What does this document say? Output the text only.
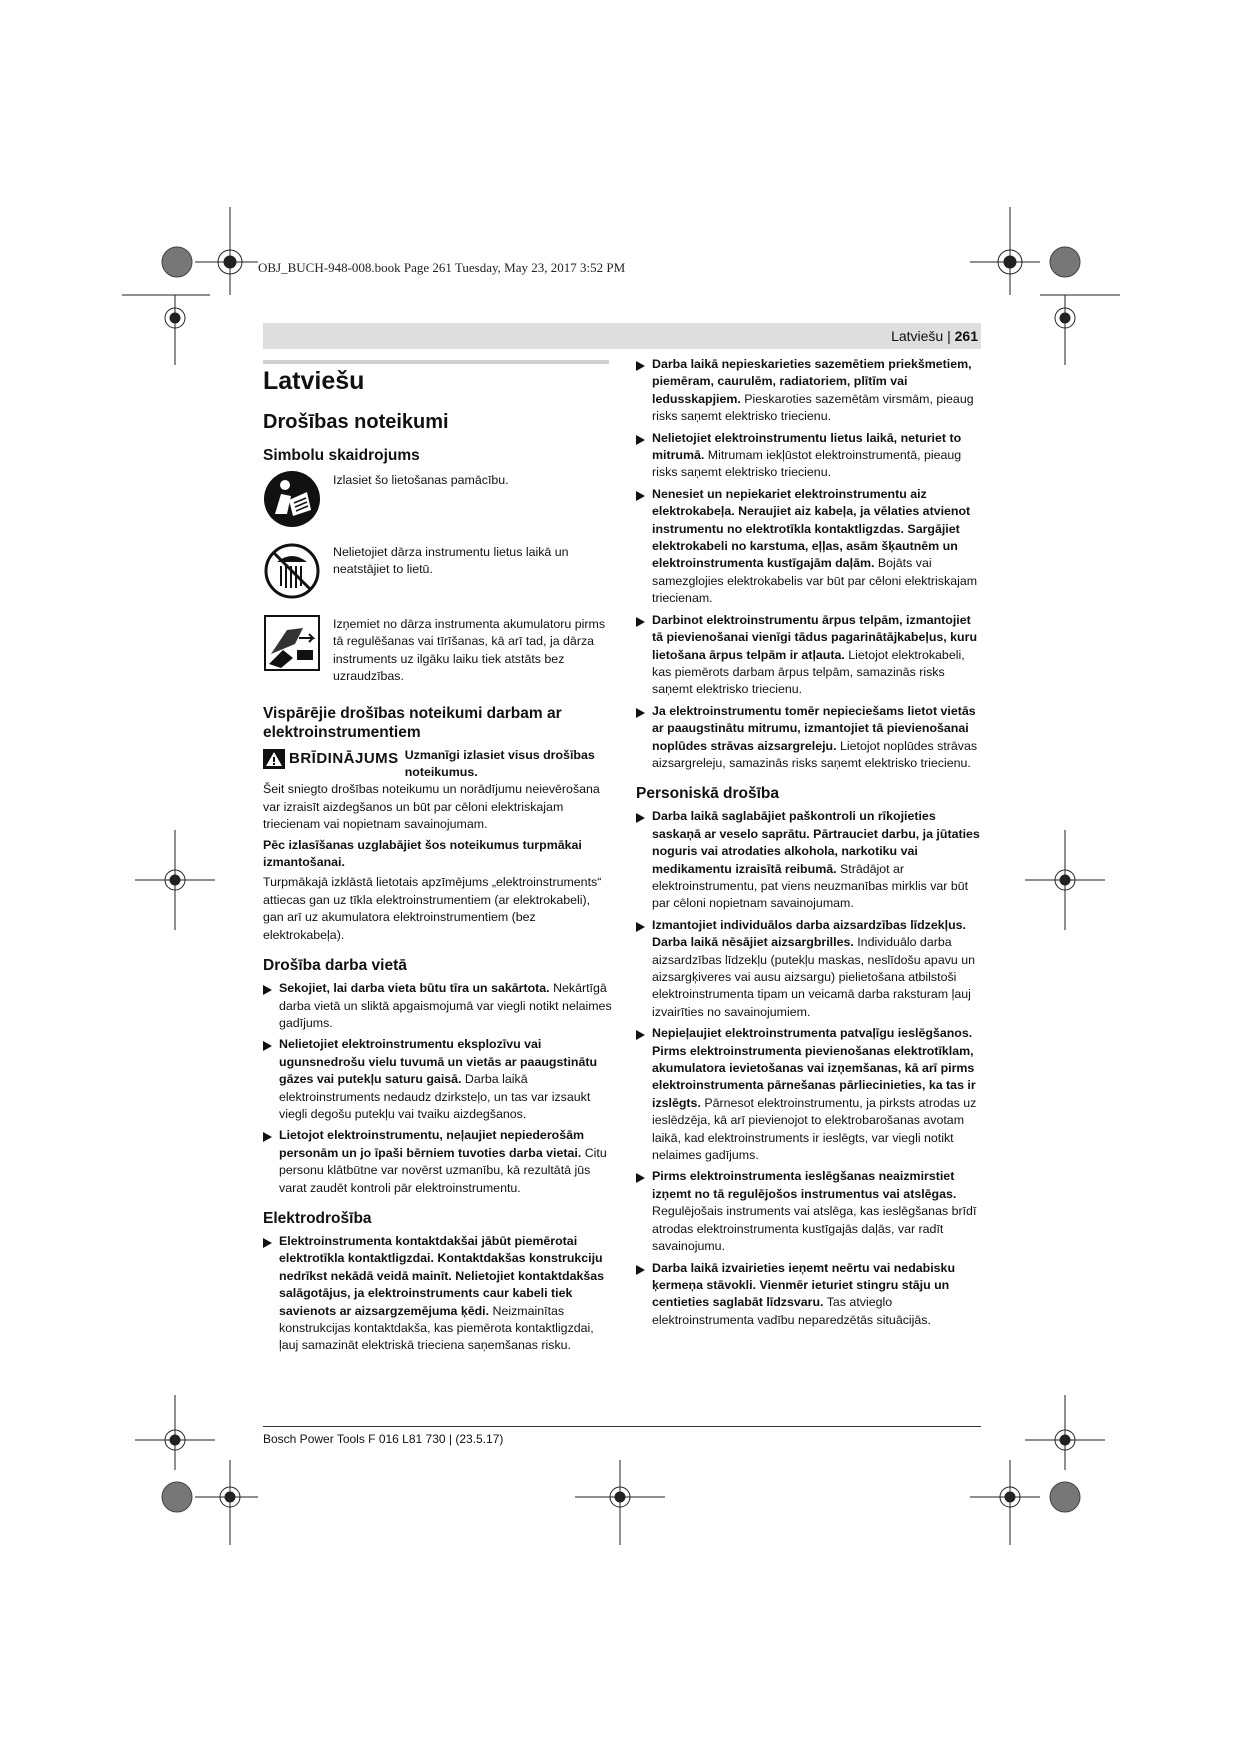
OBJ_BUCH-948-008.book Page 261 Tuesday, May 23, 2017 3:52 PM
Latviešu | 261
Latviešu
Drošības noteikumi
Simbolu skaidrojums
Izlasiet šo lietošanas pamācību.
Nelietojiet dārza instrumentu lietus laikā un neatstājiet to lietū.
Izņemiet no dārza instrumenta akumulatoru pirms tā regulēšanas vai tīrīšanas, kā arī tad, ja dārza instruments uz ilgāku laiku tiek atstāts bez uzraudzības.
Vispārējie drošības noteikumi darbam ar elektroinstrumentiem
BRĪDINĀJUMS Uzmanīgi izlasiet visus drošības noteikumus.

Šeit sniegto drošības noteikumu un norādījumu neievērošana var izraisīt aizdegšanos un būt par cēloni elektriskajam triecienam vai nopietnam savainojumam.

Pēc izlasīšanas uzglabājiet šos noteikumus turpmākai izmantošanai.

Turpmākajā izklāstā lietotais apzīmējums „elektroinstruments“ attiecas gan uz tīkla elektroinstrumentiem (ar elektrokabeli), gan arī uz akumulatora elektroinstrumentiem (bez elektrokabeļa).

Drošība darba vietā
Sekojiet, lai darba vieta būtu tīra un sakārtota. Nekārtīgā darba vietā un sliktā apgaismojumā var viegli notikt nelaimes gadījums.
Nelietojiet elektroinstrumentu eksplozīvu vai ugunsnedrošu vielu tuvumā un vietās ar paaugstinātu gāzes vai putekļu saturu gaisā. Darba laikā elektroinstruments nedaudz dzirksteļo, un tas var izsaukt viegli degošu putekļu vai tvaiku aizdegšanos.
Lietojot elektroinstrumentu, neļaujiet nepiederošām personām un jo īpaši bērniem tuvoties darba vietai. Citu personu klātbūtne var novērst uzmanību, kā rezultātā jūs varat zaudēt kontroli pār elektroinstrumentu.
Elektrodrošība
Elektroinstrumenta kontaktdakšai jābūt piemērotai elektrotīkla kontaktligzdai. Kontaktdakšas konstrukciju nedrīkst nekādā veidā mainīt. Nelietojiet kontaktdakšas salāgotājus, ja elektroinstruments caur kabeli tiek savienots ar aizsargzemējuma ķēdi. Neizmainītas konstrukcijas kontaktdakša, kas piemērota kontaktligzdai, ļauj samazināt elektriskā trieciena saņemšanas risku.
Darba laikā nepieskarieties sazemētiem priekšmetiem, piemēram, caurulēm, radiatoriem, plītīm vai ledusskapjiem. Pieskaroties sazemētām virsmām, pieaug risks saņemt elektrisko triecienu.
Nelietojiet elektroinstrumentu lietus laikā, neturiet to mitrumā. Mitrumam iekļūstot elektroinstrumentā, pieaug risks saņemt elektrisko triecienu.
Nenesiet un nepiekariet elektroinstrumentu aiz elektrokabeļa. Neraujiet aiz kabeļa, ja vēlaties atvienot instrumentu no elektrotīkla kontaktligzdas. Sargājiet elektrokabeli no karstuma, eļļas, asām šķautnēm un elektroinstrumenta kustīgajām daļām. Bojāts vai samezglojies elektrokabelis var būt par cēloni elektriskajam triecienam.
Darbinot elektroinstrumentu ārpus telpām, izmantojiet tā pievienošanai vienīgi tādus pagarinātājkabeļus, kuru lietošana ārpus telpām ir atļauta. Lietojot elektrokabeli, kas piemērots darbam ārpus telpām, samazinās risks saņemt elektrisko triecienu.
Ja elektroinstrumentu tomēr nepieciešams lietot vietās ar paaugstinātu mitrumu, izmantojiet tā pievienošanai noplūdes strāvas aizsargreleju. Lietojot noplūdes strāvas aizsargreleju, samazinās risks saņemt elektrisko triecienu.
Personiskā drošība
Darba laikā saglabājiet paškontroli un rīkojieties saskaņā ar veselo saprātu. Pārtrauciet darbu, ja jūtaties noguris vai atrodaties alkohola, narkotiku vai medikamentu izraisītā reibumā. Strādājot ar elektroinstrumentu, pat viens neuzmanības mirklis var būt par cēloni nopietnam savainojumam.
Izmantojiet individuālos darba aizsardzības līdzekļus. Darba laikā nēsājiet aizsargbrilles. Individuālo darba aizsardzības līdzekļu (putekļu maskas, neslīdošu apavu un aizsargķiveres vai ausu aizsargu) pielietošana atbilstoši elektroinstrumenta tipam un veicamā darba raksturam ļauj izvairīties no savainojumiem.
Nepieļaujiet elektroinstrumenta patvaļīgu ieslēgšanos. Pirms elektroinstrumenta pievienošanas elektrotīklam, akumulatora ievietošanas vai izņemšanas, kā arī pirms elektroinstrumenta pārnešanas pārliecinieties, ka tas ir izslēgts. Pārnesot elektroinstrumentu, ja pirksts atrodas uz ieslēdzēja, kā arī pievienojot to elektrobarošanas avotam laikā, kad elektroinstruments ir ieslēgts, var viegli notikt nelaimes gadījums.
Pirms elektroinstrumenta ieslēgšanas neaizmirstiet izņemt no tā regulējošos instrumentus vai atslēgas. Regulējošais instruments vai atslēga, kas ieslēgšanas brīdī atrodas elektroinstrumenta kustīgajās daļās, var radīt savainojumu.
Darba laikā izvairieties ieņemt neērtu vai nedabisku ķermeņa stāvokli. Vienmēr ieturiet stingru stāju un centieties saglabāt līdzsvaru. Tas atvieglo elektroinstrumenta vadību neparedzētās situācijās.
Bosch Power Tools F 016 L81 730 | (23.5.17)
